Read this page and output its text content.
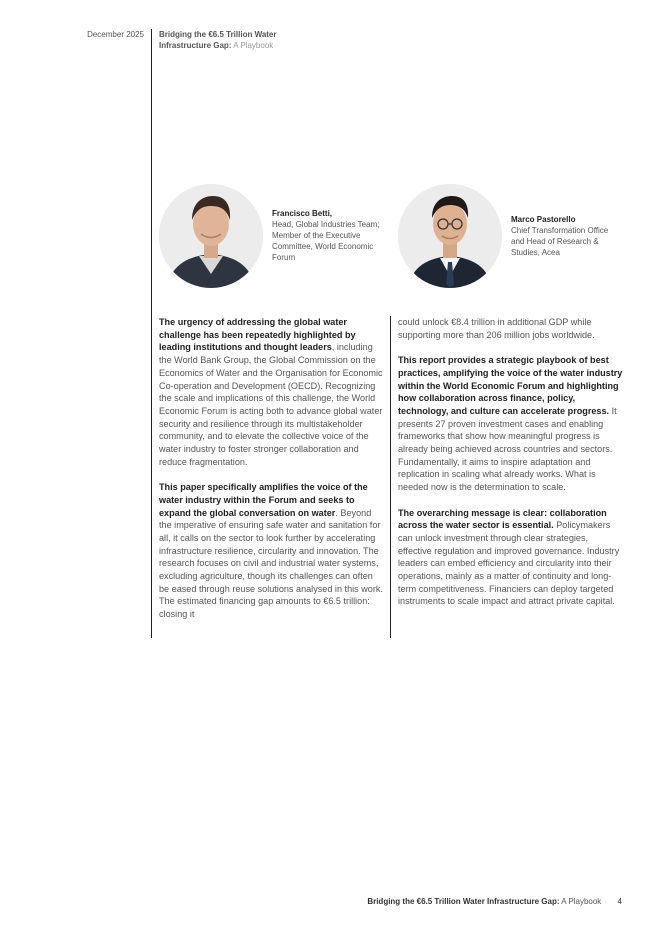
December 2025 Bridging the €6.5 Trillion Water Infrastructure Gap: A Playbook
Francisco Betti,
Head, Global Industries Team; Member of the Executive Committee, World Economic Forum
Marco Pastorello
Chief Transformation Office and Head of Research & Studies, Acea

The urgency of addressing the global water challenge has been repeatedly highlighted by leading institutions and thought leaders, including the World Bank Group, the Global Commission on the Economics of Water and the Organisation for Economic Co-operation and Development (OECD). Recognizing the scale and implications of this challenge, the World Economic Forum is acting both to advance global water security and resilience through its multistakeholder community, and to elevate the collective voice of the water industry to foster stronger collaboration and reduce fragmentation.

This paper specifically amplifies the voice of the water industry within the Forum and seeks to expand the global conversation on water. Beyond the imperative of ensuring safe water and sanitation for all, it calls on the sector to look further by accelerating infrastructure resilience, circularity and innovation. The research focuses on civil and industrial water systems, excluding agriculture, though its challenges can often be eased through reuse solutions analysed in this work. The estimated financing gap amounts to €6.5 trillion: closing it

could unlock €8.4 trillion in additional GDP while supporting more than 206 million jobs worldwide.

This report provides a strategic playbook of best practices, amplifying the voice of the water industry within the World Economic Forum and highlighting how collaboration across finance, policy, technology, and culture can accelerate progress. It presents 27 proven investment cases and enabling frameworks that show how meaningful progress is already being achieved across countries and sectors. Fundamentally, it aims to inspire adaptation and replication in scaling what already works. What is needed now is the determination to scale.

The overarching message is clear: collaboration across the water sector is essential. Policymakers can unlock investment through clear strategies, effective regulation and improved governance. Industry leaders can embed efficiency and circularity into their operations, mainly as a matter of continuity and long-term competitiveness. Financiers can deploy targeted instruments to scale impact and attract private capital.

Bridging the €6.5 Trillion Water Infrastructure Gap: A Playbook 4
